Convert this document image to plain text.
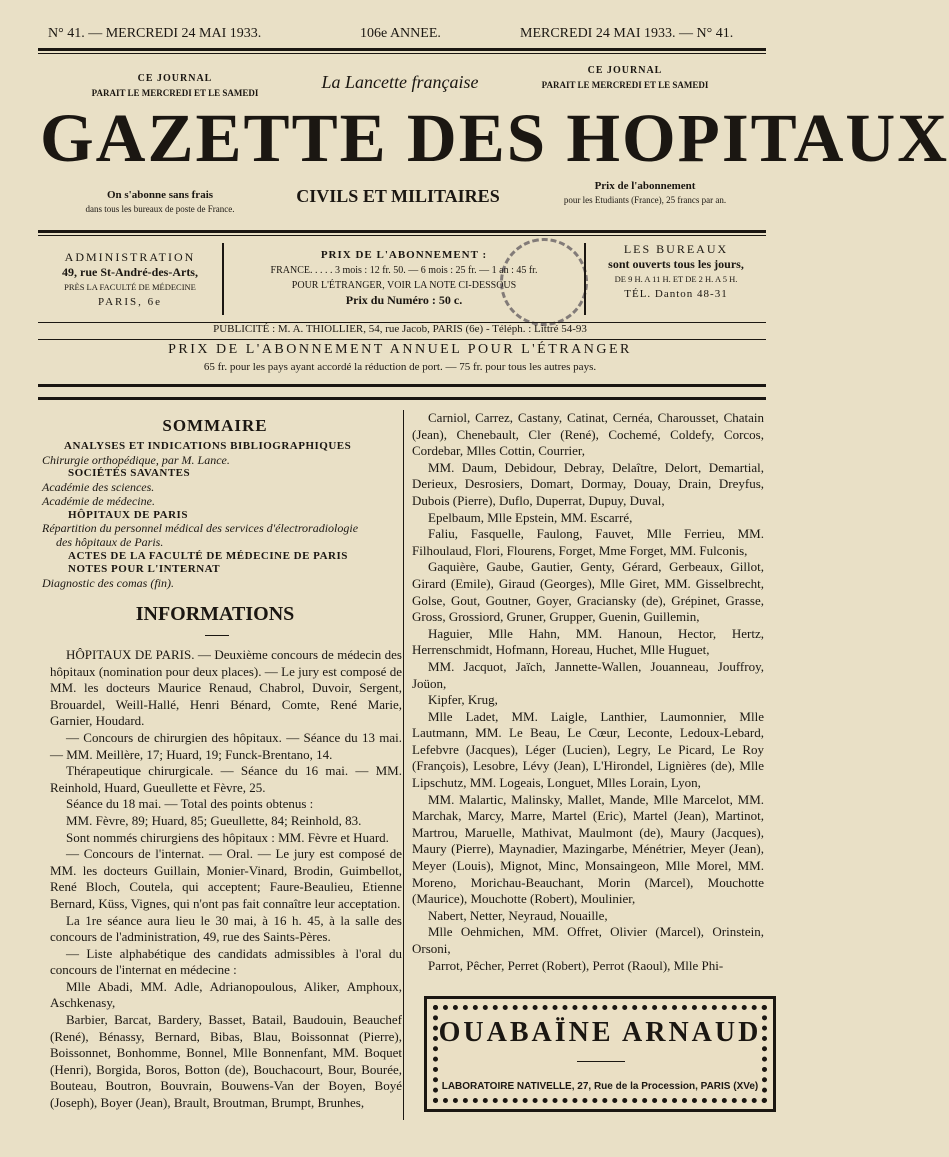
N° 41. — MERCREDI 24 MAI 1933.	106e ANNEE.	MERCREDI 24 MAI 1933. — N° 41.
CE JOURNAL
PARAIT LE MERCREDI ET LE SAMEDI
CE JOURNAL
PARAIT LE MERCREDI ET LE SAMEDI
La Lancette française
GAZETTE DES HOPITAUX
CIVILS ET MILITAIRES
On s'abonne sans frais
dans tous les bureaux de poste de France.
Prix de l'abonnement
pour les Etudiants (France), 25 francs par an.
ADMINISTRATION
49, rue St-André-des-Arts,
PRÈS LA FACULTÉ DE MÉDECINE
PARIS, 6e
PRIX DE L'ABONNEMENT :
FRANCE. . . . . 3 mois : 12 fr. 50. — 6 mois : 25 fr. — 1 an : 45 fr.
POUR L'ÉTRANGER, VOIR LA NOTE CI-DESSOUS
Prix du Numéro : 50 c.
LES BUREAUX
sont ouverts tous les jours,
DE 9 H. A 11 H. ET DE 2 H. A 5 H.
TÉL. Danton 48-31
PUBLICITÉ : M. A. THIOLLIER, 54, rue Jacob, PARIS (6e) - Téléph. : Littré 54-93
PRIX DE L'ABONNEMENT ANNUEL POUR L'ÉTRANGER
65 fr. pour les pays ayant accordé la réduction de port. — 75 fr. pour tous les autres pays.
SOMMAIRE
ANALYSES ET INDICATIONS BIBLIOGRAPHIQUES
Chirurgie orthopédique, par M. Lance.
SOCIÉTÉS SAVANTES
Académie des sciences.
Académie de médecine.
HÔPITAUX DE PARIS
Répartition du personnel médical des services d'électroradiologie
des hôpitaux de Paris.
ACTES DE LA FACULTÉ DE MÉDECINE DE PARIS
NOTES POUR L'INTERNAT
Diagnostic des comas (fin).
INFORMATIONS

HÔPITAUX DE PARIS. — Deuxième concours de médecin des hôpitaux (nomination pour deux places). — Le jury est composé de MM. les docteurs Maurice Renaud, Chabrol, Duvoir, Sergent, Brouardel, Weill-Hallé, Henri Bénard, Comte, René Marie, Garnier, Houdard.

— Concours de chirurgien des hôpitaux. — Séance du 13 mai. — MM. Meillère, 17; Huard, 19; Funck-Brentano, 14.

Thérapeutique chirurgicale. — Séance du 16 mai. — MM. Reinhold, Huard, Gueullette et Fèvre, 25.

Séance du 18 mai. — Total des points obtenus :

MM. Fèvre, 89; Huard, 85; Gueullette, 84; Reinhold, 83.

Sont nommés chirurgiens des hôpitaux : MM. Fèvre et Huard.

— Concours de l'internat. — Oral. — Le jury est composé de MM. les docteurs Guillain, Monier-Vinard, Brodin, Guimbellot, René Bloch, Coutela, qui acceptent; Faure-Beaulieu, Etienne Bernard, Küss, Vignes, qui n'ont pas fait connaître leur acceptation.

La 1re séance aura lieu le 30 mai, à 16 h. 45, à la salle des concours de l'administration, 49, rue des Saints-Pères.

— Liste alphabétique des candidats admissibles à l'oral du concours de l'internat en médecine :

Mlle Abadi, MM. Adle, Adrianopoulous, Aliker, Amphoux, Aschkenasy,

Barbier, Barcat, Bardery, Basset, Batail, Baudouin, Beauchef (René), Bénassy, Bernard, Bibas, Blau, Boissonnat (Pierre), Boissonnet, Bonhomme, Bonnel, Mlle Bonnenfant, MM. Boquet (Henri), Borgida, Boros, Botton (de), Bouchacourt, Bour, Bourée, Bouteau, Boutron, Bouvrain, Bouwens-Van der Boyen, Boyé (Joseph), Boyer (Jean), Brault, Broutman, Brumpt, Brunhes,

Carniol, Carrez, Castany, Catinat, Cernéa, Charousset, Chatain (Jean), Chenebault, Cler (René), Cochemé, Coldefy, Corcos, Cordebar, Mlles Cottin, Courrier,

MM. Daum, Debidour, Debray, Delaître, Delort, Demartial, Derieux, Desrosiers, Domart, Dormay, Douay, Drain, Dreyfus, Dubois (Pierre), Duflo, Duperrat, Dupuy, Duval,

Epelbaum, Mlle Epstein, MM. Escarré,

Faliu, Fasquelle, Faulong, Fauvet, Mlle Ferrieu, MM. Filhoulaud, Flori, Flourens, Forget, Mme Forget, MM. Fulconis,

Gaquière, Gaube, Gautier, Genty, Gérard, Gerbeaux, Gillot, Girard (Emile), Giraud (Georges), Mlle Giret, MM. Gisselbrecht, Golse, Gout, Goutner, Goyer, Graciansky (de), Grépinet, Grasse, Gross, Grossiord, Gruner, Grupper, Guenin, Guillemin,

Haguier, Mlle Hahn, MM. Hanoun, Hector, Hertz, Herrenschmidt, Hofmann, Horeau, Huchet, Mlle Huguet,

MM. Jacquot, Jaïch, Jannette-Wallen, Jouanneau, Jouffroy, Joüon,

Kipfer, Krug,

Mlle Ladet, MM. Laigle, Lanthier, Laumonnier, Mlle Lautmann, MM. Le Beau, Le Cœur, Leconte, Ledoux-Lebard, Lefebvre (Jacques), Léger (Lucien), Legry, Le Picard, Le Roy (François), Lesobre, Lévy (Jean), L'Hirondel, Lignières (de), Mlle Lipschutz, MM. Logeais, Longuet, Mlles Lorain, Lyon,

MM. Malartic, Malinsky, Mallet, Mande, Mlle Marcelot, MM. Marchak, Marcy, Marre, Martel (Eric), Martel (Jean), Martinot, Martrou, Maruelle, Mathivat, Maulmont (de), Maury (Jacques), Maury (Pierre), Maynadier, Mazingarbe, Ménétrier, Meyer (Jean), Meyer (Louis), Mignot, Minc, Monsaingeon, Mlle Morel, MM. Moreno, Morichau-Beauchant, Morin (Marcel), Mouchotte (Maurice), Mouchotte (Robert), Moulinier,

Nabert, Netter, Neyraud, Nouaille,

Mlle Oehmichen, MM. Offret, Olivier (Marcel), Orinstein, Orsoni,

Parrot, Pêcher, Perret (Robert), Perrot (Raoul), Mlle Phi-

OUABAÏNE ARNAUD
LABORATOIRE NATIVELLE, 27, Rue de la Procession, PARIS (XVe)
